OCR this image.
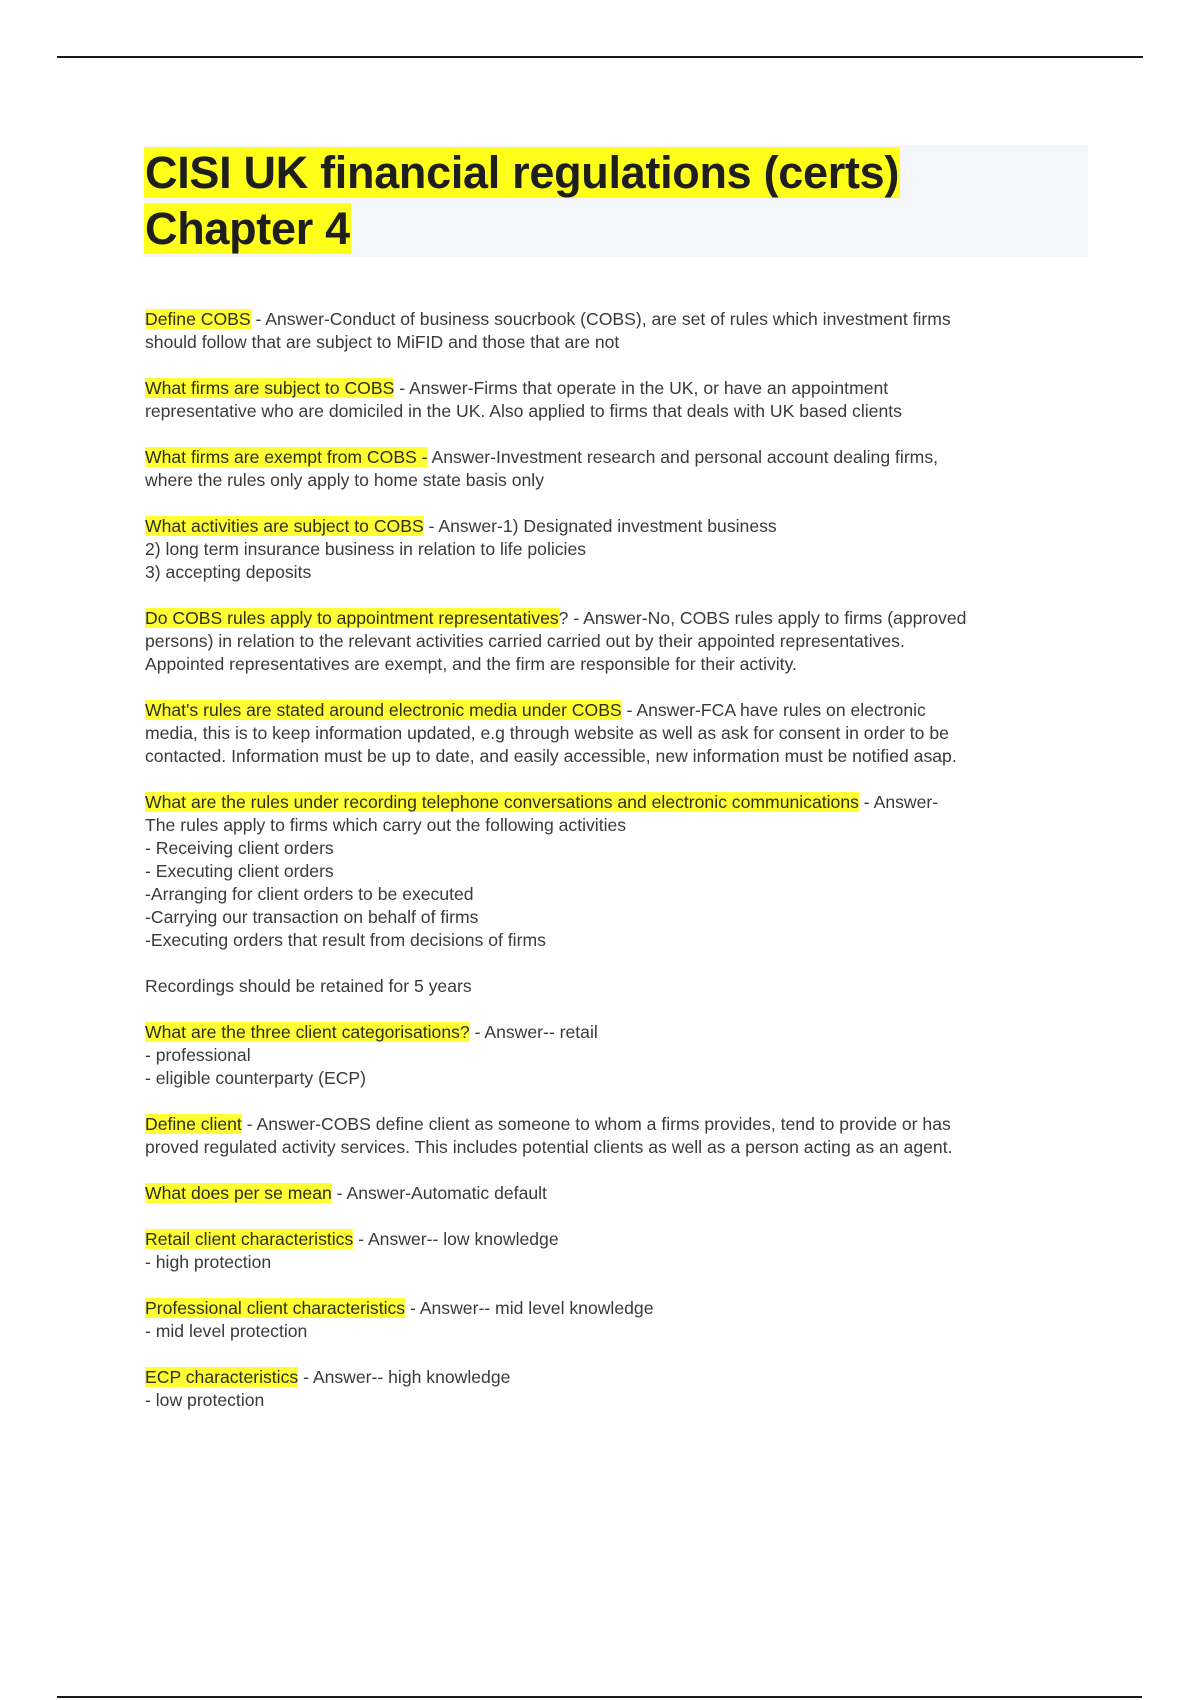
CISI UK financial regulations (certs)
Chapter 4

Define COBS - Answer-Conduct of business soucrbook (COBS), are set of rules which investment firms

should follow that are subject to MiFID and those that are not

What firms are subject to COBS - Answer-Firms that operate in the UK, or have an appointment

representative who are domiciled in the UK. Also applied to firms that deals with UK based clients

What firms are exempt from COBS - Answer-Investment research and personal account dealing firms,

where the rules only apply to home state basis only

What activities are subject to COBS - Answer-1) Designated investment business

2) long term insurance business in relation to life policies
3) accepting deposits

Do COBS rules apply to appointment representatives? - Answer-No, COBS rules apply to firms (approved

persons) in relation to the relevant activities carried carried out by their appointed representatives.
Appointed representatives are exempt, and the firm are responsible for their activity.

What's rules are stated around electronic media under COBS - Answer-FCA have rules on electronic

media, this is to keep information updated, e.g through website as well as ask for consent in order to be
contacted. Information must be up to date, and easily accessible, new information must be notified asap.

What are the rules under recording telephone conversations and electronic communications - Answer-

The rules apply to firms which carry out the following activities
- Receiving client orders
- Executing client orders
-Arranging for client orders to be executed
-Carrying our transaction on behalf of firms
-Executing orders that result from decisions of firms

Recordings should be retained for 5 years

What are the three client categorisations? - Answer-- retail

- professional
- eligible counterparty (ECP)

Define client - Answer-COBS define client as someone to whom a firms provides, tend to provide or has

proved regulated activity services. This includes potential clients as well as a person acting as an agent.

What does per se mean - Answer-Automatic default

Retail client characteristics - Answer-- low knowledge

- high protection

Professional client characteristics - Answer-- mid level knowledge

- mid level protection

ECP characteristics - Answer-- high knowledge

- low protection
